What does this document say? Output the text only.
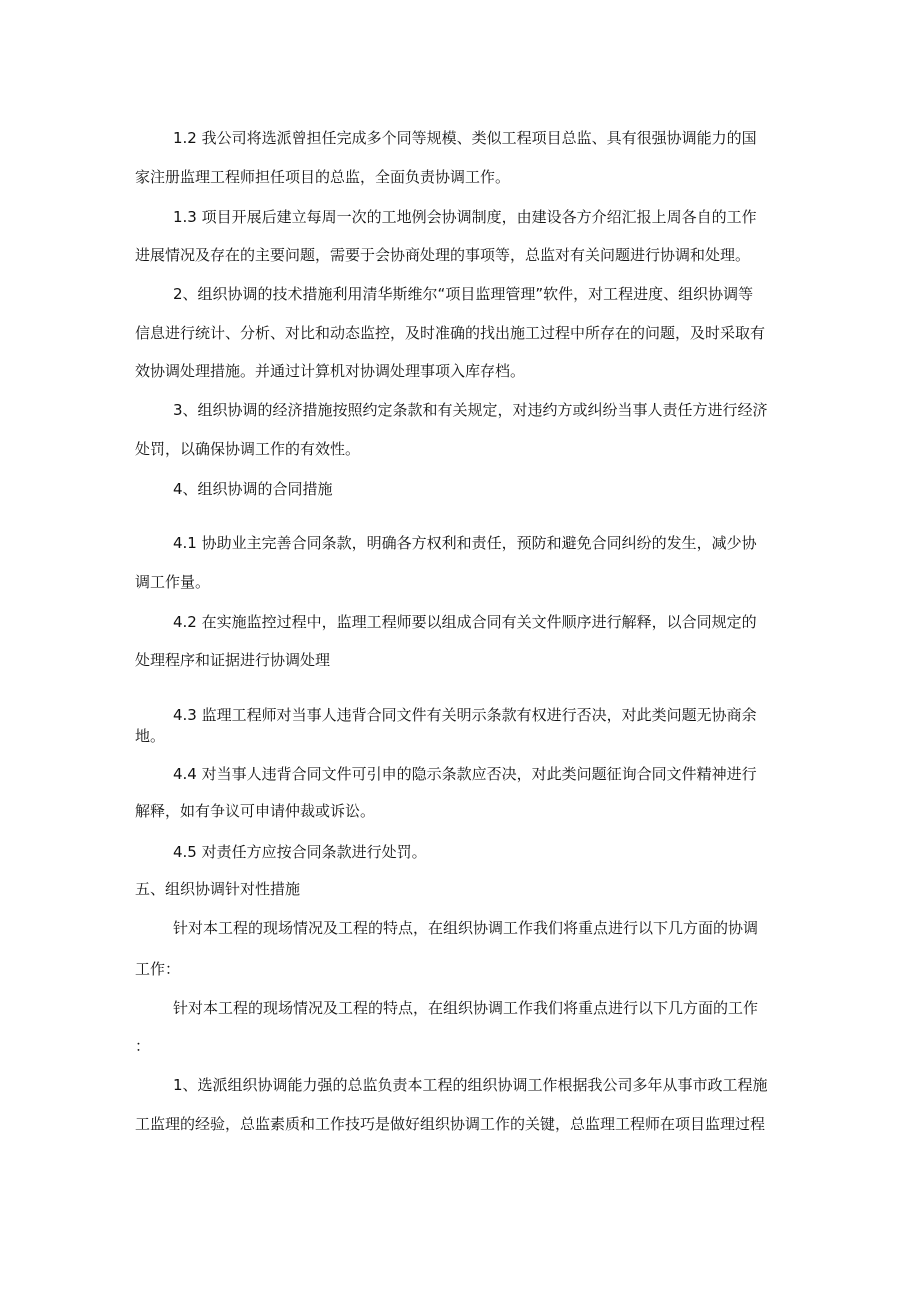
1.2 我公司将选派曾担任完成多个同等规模、类似工程项目总监、具有很强协调能力的国
家注册监理工程师担任项目的总监，全面负责协调工作。
1.3 项目开展后建立每周一次的工地例会协调制度，由建设各方介绍汇报上周各自的工作
进展情况及存在的主要问题，需要于会协商处理的事项等，总监对有关问题进行协调和处理。
2、组织协调的技术措施利用清华斯维尔“项目监理管理”软件，对工程进度、组织协调等
信息进行统计、分析、对比和动态监控，及时准确的找出施工过程中所存在的问题，及时采取有
效协调处理措施。并通过计算机对协调处理事项入库存档。
3、组织协调的经济措施按照约定条款和有关规定，对违约方或纠纷当事人责任方进行经济
处罚，以确保协调工作的有效性。
4、组织协调的合同措施
4.1 协助业主完善合同条款，明确各方权利和责任，预防和避免合同纠纷的发生，减少协
调工作量。
4.2 在实施监控过程中，监理工程师要以组成合同有关文件顺序进行解释，以合同规定的
处理程序和证据进行协调处理
4.3 监理工程师对当事人违背合同文件有关明示条款有权进行否决，对此类问题无协商余
地。
4.4 对当事人违背合同文件可引申的隐示条款应否决，对此类问题征询合同文件精神进行
解释，如有争议可申请仲裁或诉讼。
4.5 对责任方应按合同条款进行处罚。
五、组织协调针对性措施
针对本工程的现场情况及工程的特点，在组织协调工作我们将重点进行以下几方面的协调
工作：
针对本工程的现场情况及工程的特点，在组织协调工作我们将重点进行以下几方面的工作
：
1、选派组织协调能力强的总监负责本工程的组织协调工作根据我公司多年从事市政工程施
工监理的经验，总监素质和工作技巧是做好组织协调工作的关键，总监理工程师在项目监理过程
